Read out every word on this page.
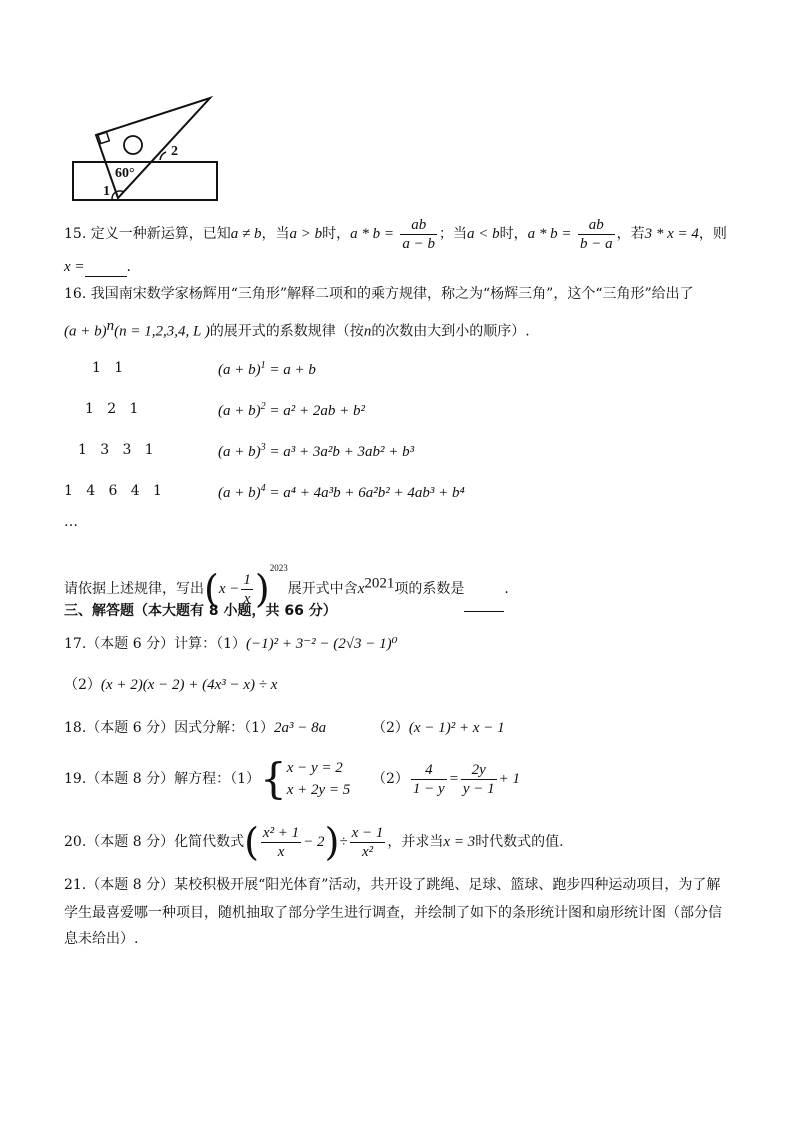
60°
1
2
15. 定义一种新运算，已知a ≠ b，当a > b时，$a * b = \frac{ab}{a - b}$ ；当a < b时，$a * b = \frac{ab}{b - a}$ ，若3 * x = 4，则
x =	.
16. 我国南宋数学家杨辉用“三角形”解释二项和的乘方规律，称之为“杨辉三角”，这个“三角形”给出了
$(a + b)^n(n = 1,2,3,4$, L )的展开式的系数规律（按n的次数由大到小的顺序）.
1   1	$(a + b)^1 = a + b$
1   2   1	$(a + b)^2 = a^2 + 2ab + b^2$
1   3   3   1	$(a + b)^3 = a^3 + 3a^2b + 3ab^2 + b^3$
1   4   6   4   1	$(a + b)^4 = a^4 + 4a^3b + 6a^2b^2 + 4ab^3 + b^4$
…
请依据上述规律，写出$(x - \frac{1}{x} )^{2023}$展开式中含$x^{2021}$项的系数是	.
三、解答题（本大题有 8 小题，共 66 分）
17.（本题 6 分）计算：（1）(−1)² + 3⁻² − (2√3 − 1)⁰
（2）(x + 2)(x − 2) + (4x³ − x) ÷ x
18.（本题 6 分）因式分解：（1）2a³ − 8a	（2）(x − 1)² + x − 1
19.（本题 8 分）解方程：（1）{ x − y = 2
x + 2y = 5
$(2) \frac{4}{1 - y} = \frac{2y}{y - 1} + 1$
20.（本题 8 分）化简代数式( $\frac{\text{x² + 1}}{x} - 2)\div \frac{x - 1}{\text{x²}}$ ，并求当x = 3时代数式的值.
21.（本题 8 分）某校积极开展“阳光体育”活动，共开设了跳绳、足球、篮球、跑步四种运动项目，为了解
学生最喜爱哪一种项目，随机抽取了部分学生进行调查，并绘制了如下的条形统计图和扇形统计图（部分信
息未给出）.
